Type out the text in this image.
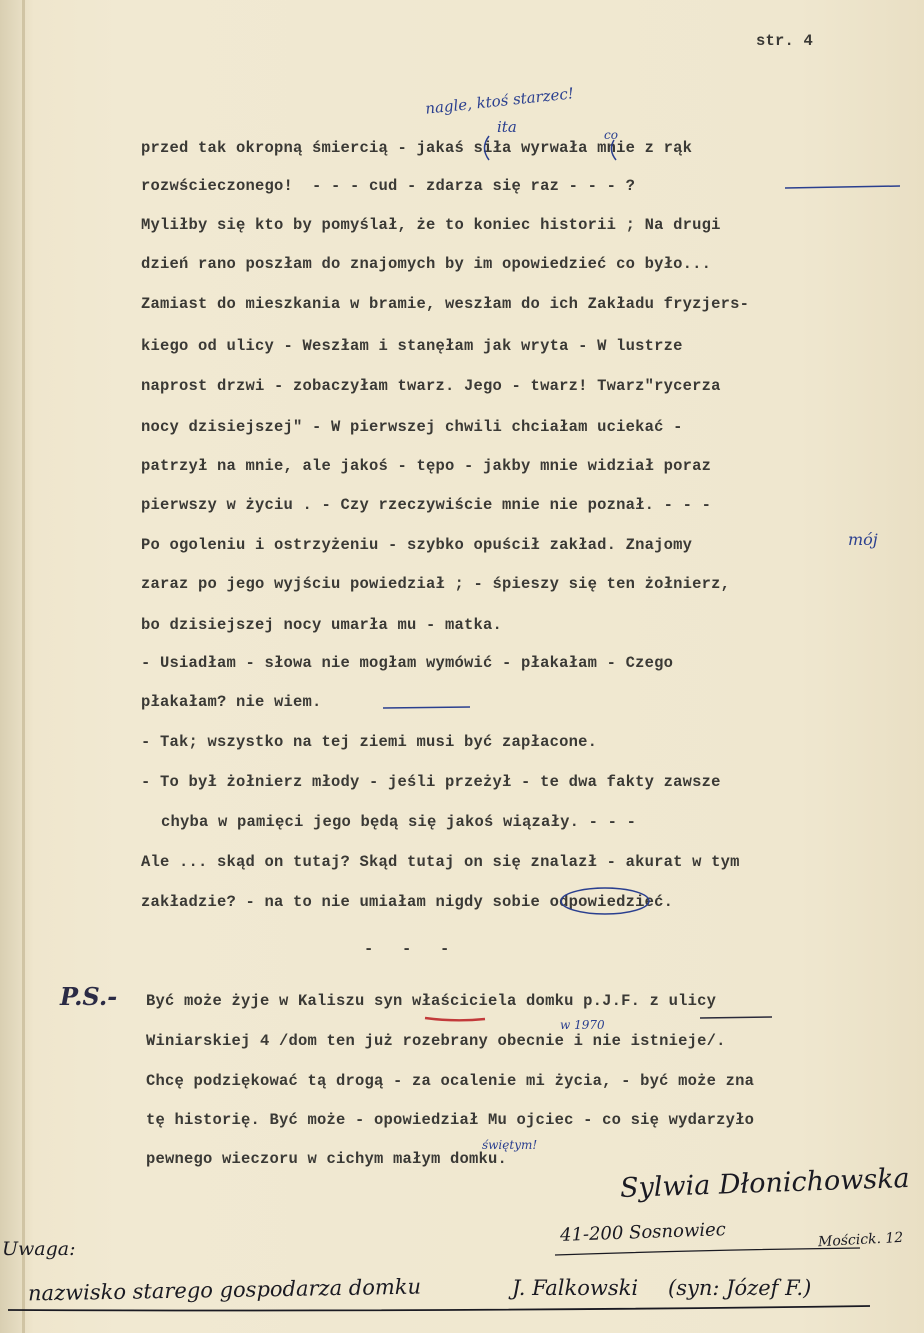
str. 4
przed tak okropną śmiercią - jakaś siła wyrwała mnie z rąk
rozwścieczonego!  - - - cud - zdarza się raz - - - ?
Myliłby się kto by pomyślał, że to koniec historii ; Na drugi
dzień rano poszłam do znajomych by im opowiedzieć co było...
Zamiast do mieszkania w bramie, weszłam do ich Zakładu fryzjers-
kiego od ulicy - Weszłam i stanęłam jak wryta - W lustrze
naprost drzwi - zobaczyłam twarz. Jego - twarz! Twarz"rycerza
nocy dzisiejszej" - W pierwszej chwili chciałam uciekać -
patrzył na mnie, ale jakoś - tępo - jakby mnie widział poraz
pierwszy w życiu . - Czy rzeczywiście mnie nie poznał. - - -
Po ogoleniu i ostrzyżeniu - szybko opuścił zakład. Znajomy
zaraz po jego wyjściu powiedział ; - śpieszy się ten żołnierz,
bo dzisiejszej nocy umarła mu - matka.
- Usiadłam - słowa nie mogłam wymówić - płakałam - Czego
płakałam? nie wiem.
- Tak; wszystko na tej ziemi musi być zapłacone.
- To był żołnierz młody - jeśli przeżył - te dwa fakty zawsze
chyba w pamięci jego będą się jakoś wiązały. - - -
Ale ... skąd on tutaj? Skąd tutaj on się znalazł - akurat w tym
zakładzie? - na to nie umiałam nigdy sobie odpowiedzieć.
-   -   -
P.S.- Być może żyje w Kaliszu syn właściciela domku p.J.F. z ulicy
Winiarskiej 4 /dom ten już rozebrany obecnie i nie istnieje/.
Chcę podziękować tą drogą - za ocalenie mi życia, - być może zna
tę historię. Być może - opowiedział Mu ojciec - co się wydarzyło
pewnego wieczoru w cichym małym domku.
nagle, ktoś starzec!
ita	co
mój
w 1970
świętym!
Sylwia Dłonichowska
41-200 Sosnowiec	Mościck. 12
Uwaga:
nazwisko starego gospodarza domku	J. Falkowski (syn: Józef F.)
